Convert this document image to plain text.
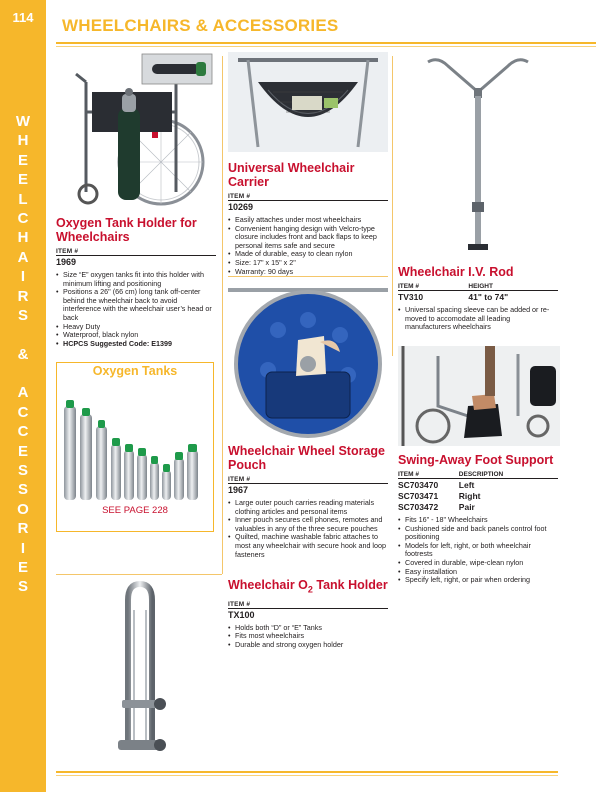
114
W
H
E
E
L
C
H
A
I
R
S
&
A
C
C
E
S
S
O
R
I
E
S
WHEELCHAIRS & ACCESSORIES
Oxygen Tank Holder for Wheelchairs
ITEM #
1969
• Size “E” oxygen tanks fit into this holder with minimum lifting and positioning
• Positions a 26" (66 cm) long tank off-center behind the wheelchair back to avoid interference with the wheelchair user’s head or back
• Heavy Duty
• Waterproof, black nylon
• HCPCS Suggested Code: E1399
Oxygen Tanks
SEE PAGE 228
Universal Wheelchair Carrier
ITEM #
10269
• Easily attaches under most wheelchairs
• Convenient hanging design with Velcro-type closure includes front and back flaps to keep personal items safe and secure
• Made of durable, easy to clean nylon
• Size: 17" x 15" x 2"
• Warranty: 90 days
Wheelchair Wheel Storage Pouch
ITEM #
1967
• Large outer pouch carries reading materials clothing articles and personal items
• Inner pouch secures cell phones, remotes and valuables in any of the three secure pouches
• Quilted, machine washable fabric attaches to most any wheelchair with secure hook and loop fasteners
Wheelchair $O_2$ Tank Holder
ITEM #
TX100
• Holds both “D” or “E” Tanks
• Fits most wheelchairs
• Durable and strong oxygen holder
Wheelchair I.V. Rod
ITEM #	HEIGHT
TV310	41" to 74"
• Universal spacing sleeve can be added or re-moved to accomodate all leading manufacturers wheelchairs
Swing-Away Foot Support
ITEM #	DESCRIPTION
SC703470	Left
SC703471	Right
SC703472	Pair
• Fits 16" - 18" Wheelchairs
• Cushioned side and back panels control foot positioning
• Models for left, right, or both wheelchair footrests
• Covered in durable, wipe-clean nylon
• Easy installation
• Specify left, right, or pair when ordering
